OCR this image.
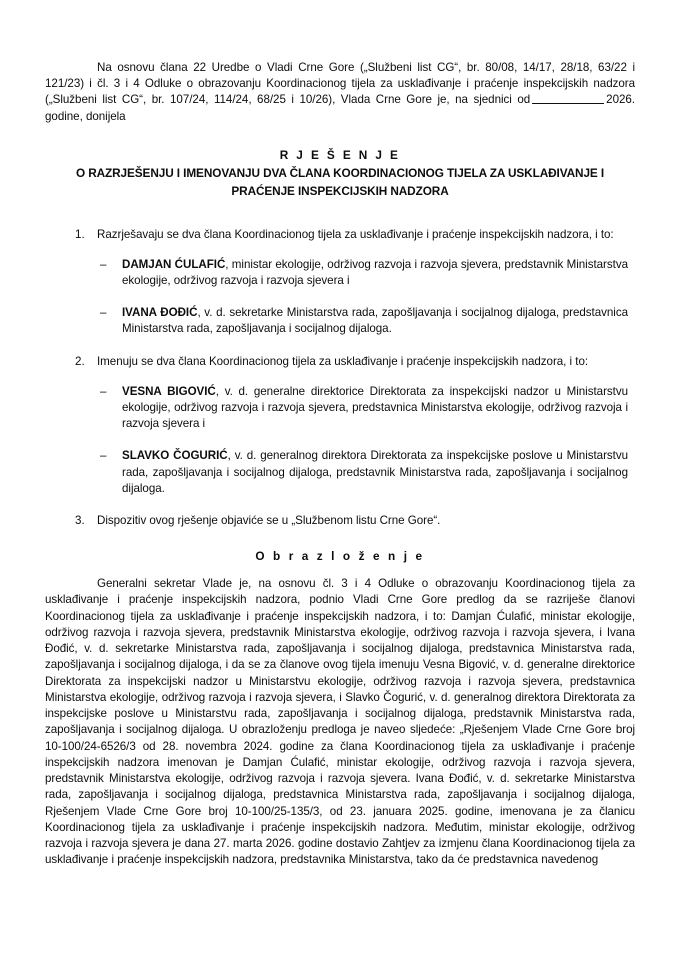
Na osnovu člana 22 Uredbe o Vladi Crne Gore („Službeni list CG“, br. 80/08, 14/17, 28/18, 63/22 i 121/23) i čl. 3 i 4 Odluke o obrazovanju Koordinacionog tijela za usklađivanje i praćenje inspekcijskih nadzora („Službeni list CG“, br. 107/24, 114/24, 68/25 i 10/26), Vlada Crne Gore je, na sjednici od	2026. godine, donijela

R J E Š E N J E
O RAZRJEŠENJU I IMENOVANJU DVA ČLANA KOORDINACIONOG TIJELA ZA USKLAĐIVANJE I PRAĆENJE INSPEKCIJSKIH NADZORA
1.	Razrješavaju se dva člana Koordinacionog tijela za usklađivanje i praćenje inspekcijskih nadzora, i to:
–	DAMJAN ĆULAFIĆ, ministar ekologije, održivog razvoja i razvoja sjevera, predstavnik Ministarstva ekologije, održivog razvoja i razvoja sjevera i
–	IVANA ĐOĐIĆ, v. d. sekretarke Ministarstva rada, zapošljavanja i socijalnog dijaloga, predstavnica Ministarstva rada, zapošljavanja i socijalnog dijaloga.
2.	Imenuju se dva člana Koordinacionog tijela za usklađivanje i praćenje inspekcijskih nadzora, i to:
–	VESNA BIGOVIĆ, v. d. generalne direktorice Direktorata za inspekcijski nadzor u Ministarstvu ekologije, održivog razvoja i razvoja sjevera, predstavnica Ministarstva ekologije, održivog razvoja i razvoja sjevera i
–	SLAVKO ČOGURIĆ, v. d. generalnog direktora Direktorata za inspekcijske poslove u Ministarstvu rada, zapošljavanja i socijalnog dijaloga, predstavnik Ministarstva rada, zapošljavanja i socijalnog dijaloga.
3.	Dispozitiv ovog rješenje objaviće se u „Službenom listu Crne Gore“.
O b r a z l o ž e n j e

Generalni sekretar Vlade je, na osnovu čl. 3 i 4 Odluke o obrazovanju Koordinacionog tijela za usklađivanje i praćenje inspekcijskih nadzora, podnio Vladi Crne Gore predlog da se razriješe članovi Koordinacionog tijela za usklađivanje i praćenje inspekcijskih nadzora, i to: Damjan Ćulafić, ministar ekologije, održivog razvoja i razvoja sjevera, predstavnik Ministarstva ekologije, održivog razvoja i razvoja sjevera, i Ivana Đođić, v. d. sekretarke Ministarstva rada, zapošljavanja i socijalnog dijaloga, predstavnica Ministarstva rada, zapošljavanja i socijalnog dijaloga, i da se za članove ovog tijela imenuju Vesna Bigović, v. d. generalne direktorice Direktorata za inspekcijski nadzor u Ministarstvu ekologije, održivog razvoja i razvoja sjevera, predstavnica Ministarstva ekologije, održivog razvoja i razvoja sjevera, i Slavko Čogurić, v. d. generalnog direktora Direktorata za inspekcijske poslove u Ministarstvu rada, zapošljavanja i socijalnog dijaloga, predstavnik Ministarstva rada, zapošljavanja i socijalnog dijaloga. U obrazloženju predloga je naveo sljedeće: „Rješenjem Vlade Crne Gore broj 10-100/24-6526/3 od 28. novembra 2024. godine za člana Koordinacionog tijela za usklađivanje i praćenje inspekcijskih nadzora imenovan je Damjan Ćulafić, ministar ekologije, održivog razvoja i razvoja sjevera, predstavnik Ministarstva ekologije, održivog razvoja i razvoja sjevera. Ivana Đođić, v. d. sekretarke Ministarstva rada, zapošljavanja i socijalnog dijaloga, predstavnica Ministarstva rada, zapošljavanja i socijalnog dijaloga, Rješenjem Vlade Crne Gore broj 10-100/25-135/3, od 23. januara 2025. godine, imenovana je za članicu Koordinacionog tijela za usklađivanje i praćenje inspekcijskih nadzora. Međutim, ministar ekologije, održivog razvoja i razvoja sjevera je dana 27. marta 2026. godine dostavio Zahtjev za izmjenu člana Koordinacionog tijela za usklađivanje i praćenje inspekcijskih nadzora, predstavnika Ministarstva, tako da će predstavnica navedenog
